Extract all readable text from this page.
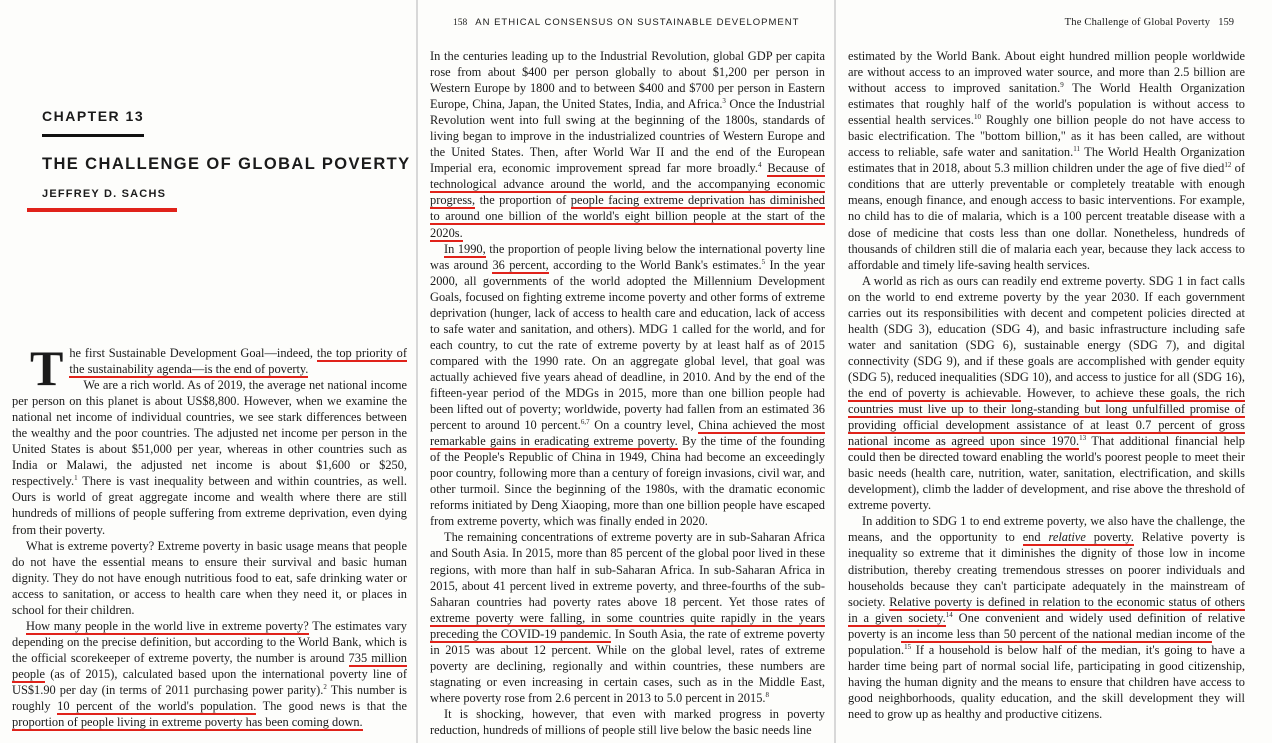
CHAPTER 13
THE CHALLENGE OF GLOBAL POVERTY
JEFFREY D. SACHS

The first Sustainable Development Goal—indeed, the top priority of the sustainability agenda—is the end of poverty.

We are a rich world. As of 2019, the average net national income per person on this planet is about US$8,800. However, when we examine the national net income of individual countries, we see stark differences between the wealthy and the poor countries. The adjusted net income per person in the United States is about $51,000 per year, whereas in other countries such as India or Malawi, the adjusted net income is about $1,600 or $250, respectively.$^1$ There is vast inequality between and within countries, as well. Ours is world of great aggregate income and wealth where there are still hundreds of millions of people suffering from extreme deprivation, even dying from their poverty.

What is extreme poverty? Extreme poverty in basic usage means that people do not have the essential means to ensure their survival and basic human dignity. They do not have enough nutritious food to eat, safe drinking water or access to sanitation, or access to health care when they need it, or places in school for their children.

How many people in the world live in extreme poverty? The estimates vary depending on the precise definition, but according to the World Bank, which is the official scorekeeper of extreme poverty, the number is around 735 million people (as of 2015), calculated based upon the international poverty line of US$1.90 per day (in terms of 2011 purchasing power parity).$^2$ This number is roughly 10 percent of the world's population. The good news is that the proportion of people living in extreme poverty has been coming down.

158 AN ETHICAL CONSENSUS ON SUSTAINABLE DEVELOPMENT

In the centuries leading up to the Industrial Revolution, global GDP per capita rose from about $400 per person globally to about $1,200 per person in Western Europe by 1800 and to between $400 and $700 per person in Eastern Europe, China, Japan, the United States, India, and Africa.$^3$ Once the Industrial Revolution went into full swing at the beginning of the 1800s, standards of living began to improve in the industrialized countries of Western Europe and the United States. Then, after World War II and the end of the European Imperial era, economic improvement spread far more broadly.$^4$ Because of technological advance around the world, and the accompanying economic progress, the proportion of people facing extreme deprivation has diminished to around one billion of the world's eight billion people at the start of the 2020s.

In 1990, the proportion of people living below the international poverty line was around 36 percent, according to the World Bank's estimates.$^5$ In the year 2000, all governments of the world adopted the Millennium Development Goals, focused on fighting extreme income poverty and other forms of extreme deprivation (hunger, lack of access to health care and education, lack of access to safe water and sanitation, and others). MDG 1 called for the world, and for each country, to cut the rate of extreme poverty by at least half as of 2015 compared with the 1990 rate. On an aggregate global level, that goal was actually achieved five years ahead of deadline, in 2010. And by the end of the fifteen-year period of the MDGs in 2015, more than one billion people had been lifted out of poverty; worldwide, poverty had fallen from an estimated 36 percent to around 10 percent.$^{6,7}$ On a country level, China achieved the most remarkable gains in eradicating extreme poverty. By the time of the founding of the People's Republic of China in 1949, China had become an exceedingly poor country, following more than a century of foreign invasions, civil war, and other turmoil. Since the beginning of the 1980s, with the dramatic economic reforms initiated by Deng Xiaoping, more than one billion people have escaped from extreme poverty, which was finally ended in 2020.

The remaining concentrations of extreme poverty are in sub-Saharan Africa and South Asia. In 2015, more than 85 percent of the global poor lived in these regions, with more than half in sub-Saharan Africa. In sub-Saharan Africa in 2015, about 41 percent lived in extreme poverty, and three-fourths of the sub-Saharan countries had poverty rates above 18 percent. Yet those rates of extreme poverty were falling, in some countries quite rapidly in the years preceding the COVID-19 pandemic. In South Asia, the rate of extreme poverty in 2015 was about 12 percent. While on the global level, rates of extreme poverty are declining, regionally and within countries, these numbers are stagnating or even increasing in certain cases, such as in the Middle East, where poverty rose from 2.6 percent in 2013 to 5.0 percent in 2015.$^8$

It is shocking, however, that even with marked progress in poverty reduction, hundreds of millions of people still live below the basic needs line

The Challenge of Global Poverty 159

estimated by the World Bank. About eight hundred million people worldwide are without access to an improved water source, and more than 2.5 billion are without access to improved sanitation.$^9$ The World Health Organization estimates that roughly half of the world's population is without access to essential health services.$^{10}$ Roughly one billion people do not have access to basic electrification. The "bottom billion," as it has been called, are without access to reliable, safe water and sanitation.$^{11}$ The World Health Organization estimates that in 2018, about 5.3 million children under the age of five died$^{12}$ of conditions that are utterly preventable or completely treatable with enough means, enough finance, and enough access to basic interventions. For example, no child has to die of malaria, which is a 100 percent treatable disease with a dose of medicine that costs less than one dollar. Nonetheless, hundreds of thousands of children still die of malaria each year, because they lack access to affordable and timely life-saving health services.

A world as rich as ours can readily end extreme poverty. SDG 1 in fact calls on the world to end extreme poverty by the year 2030. If each government carries out its responsibilities with decent and competent policies directed at health (SDG 3), education (SDG 4), and basic infrastructure including safe water and sanitation (SDG 6), sustainable energy (SDG 7), and digital connectivity (SDG 9), and if these goals are accomplished with gender equity (SDG 5), reduced inequalities (SDG 10), and access to justice for all (SDG 16), the end of poverty is achievable. However, to achieve these goals, the rich countries must live up to their long-standing but long unfulfilled promise of providing official development assistance of at least 0.7 percent of gross national income as agreed upon since 1970.13 That additional financial help could then be directed toward enabling the world's poorest people to meet their basic needs (health care, nutrition, water, sanitation, electrification, and skills development), climb the ladder of development, and rise above the threshold of extreme poverty.

In addition to SDG 1 to end extreme poverty, we also have the challenge, the means, and the opportunity to end relative poverty. Relative poverty is inequality so extreme that it diminishes the dignity of those low in income distribution, thereby creating tremendous stresses on poorer individuals and households because they can't participate adequately in the mainstream of society. Relative poverty is defined in relation to the economic status of others in a given society.$^{14}$ One convenient and widely used definition of relative poverty is an income less than 50 percent of the national median income of the population.$^{15}$ If a household is below half of the median, it's going to have a harder time being part of normal social life, participating in good citizenship, having the human dignity and the means to ensure that children have access to good neighborhoods, quality education, and the skill development they will need to grow up as healthy and productive citizens.
